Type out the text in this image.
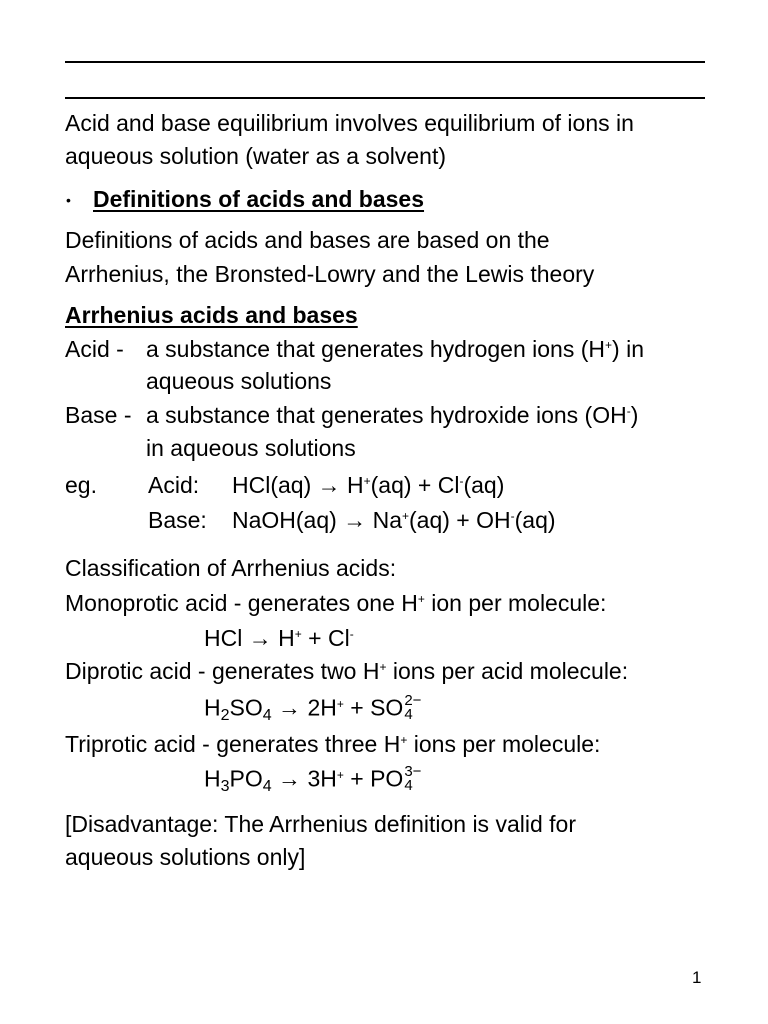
Acid and base equilibrium involves equilibrium of ions in
aqueous solution (water as a solvent)
• Definitions of acids and bases
Definitions of acids and bases are based on the
Arrhenius, the Bronsted-Lowry and the Lewis theory
Arrhenius acids and bases
Acid - a substance that generates hydrogen ions (H+) in
aqueous solutions
Base - a substance that generates hydroxide ions (OH-)
in aqueous solutions
eg. Acid: HCl(aq) → H+(aq) + Cl-(aq)
Base: NaOH(aq) → Na+(aq) + OH-(aq)
Classification of Arrhenius acids:
Monoprotic acid - generates one H+ ion per molecule:
HCl → H+ + Cl-
Diprotic acid - generates two H+ ions per acid molecule:
H2SO4 → 2H+ + SO 2−
4
Triprotic acid - generates three H+ ions per molecule:
H3PO4 → 3H+ + PO 3−
4
[Disadvantage: The Arrhenius definition is valid for
aqueous solutions only]
1
